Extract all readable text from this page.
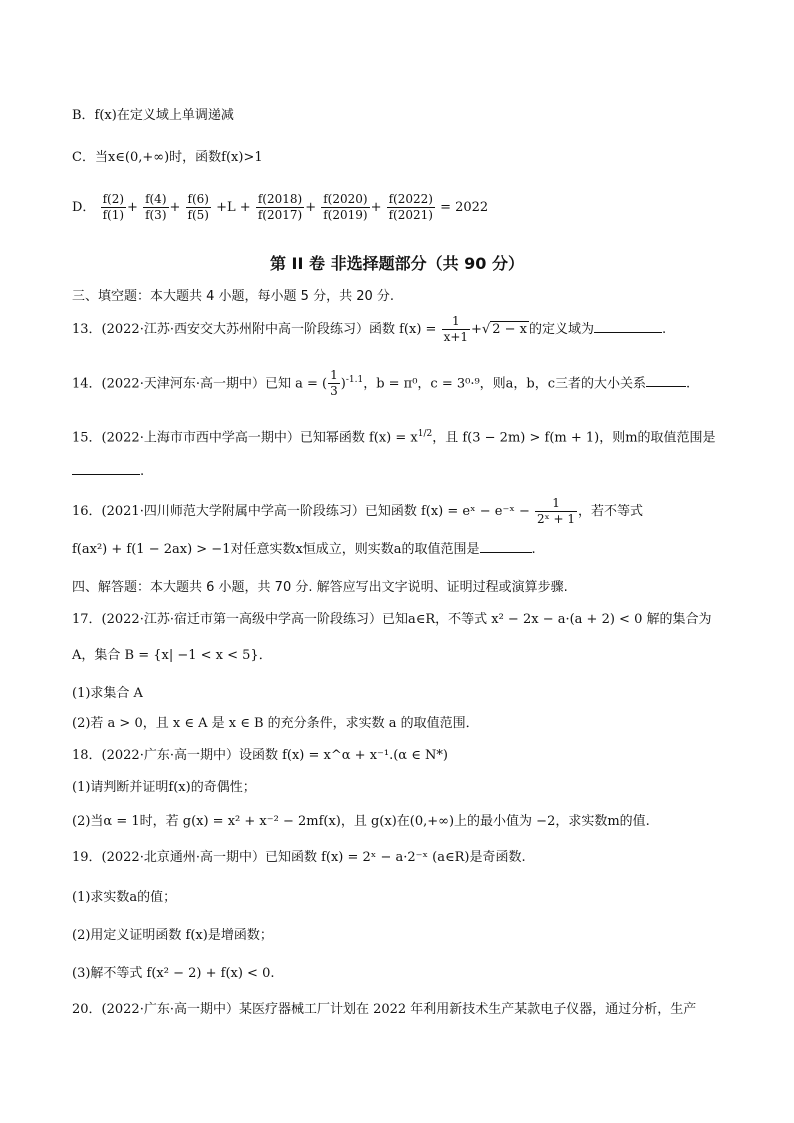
B．f(x)在定义域上单调递减
C．当x∈(0,+∞)时，函数f(x)>1
D． $\frac{f(2)}{f(1)} + \frac{f(4)}{f(3)} + \frac{f(6)}{f(5)} +L + \frac{f(2018)}{f(2017)} + \frac{f(2020)}{f(2019)} + \frac{f(2022)}{f(2021)} = 2022$
第 II 卷 非选择题部分（共 90 分）
三、填空题：本大题共 4 小题，每小题 5 分，共 20 分.
13．(2022·江苏·西安交大苏州附中高一阶段练习）函数 $f(x) = \frac{1}{x+1}$ +√ 2 − x 的定义域为	.
14．(2022·天津河东·高一期中）已知 a = ( $\frac{1}{3} )^{-1.1}$，b = π⁰，c = 3⁰·⁹，则a，b，c三者的大小关系	.
15．(2022·上海市市西中学高一期中）已知幂函数 $f(x) = x^{1/2}$，且 f(3 − 2m) > f(m + 1)，则m的取值范围是
.
16．(2021·四川师范大学附属中学高一阶段练习）已知函数 f(x) = eˣ − e⁻ˣ − $\frac{1}{\text{2ˣ + 1}}$ ，若不等式
f(ax²) + f(1 − 2ax) > −1对任意实数x恒成立，则实数a的取值范围是	.
四、解答题：本大题共 6 小题，共 70 分. 解答应写出文字说明、证明过程或演算步骤.
17．(2022·江苏·宿迁市第一高级中学高一阶段练习）已知a∈R，不等式 x² − 2x − a·(a + 2) < 0 解的集合为
A，集合 B = {x| −1 < x < 5}．
(1)求集合 A
(2)若 a > 0，且 x ∈ A 是 x ∈ B 的充分条件，求实数 a 的取值范围．
18．(2022·广东·高一期中）设函数 f(x) = x^α + x⁻¹.(α ∈ N*)
(1)请判断并证明f(x)的奇偶性；
(2)当α = 1时，若 g(x) = x² + x⁻² − 2mf(x)，且 g(x)在(0,+∞)上的最小值为 −2，求实数m的值.
19．(2022·北京通州·高一期中）已知函数 f(x) = 2ˣ − a·2⁻ˣ (a∈R)是奇函数.
(1)求实数a的值；
(2)用定义证明函数 f(x)是增函数；
(3)解不等式 f(x² − 2) + f(x) < 0.
20．(2022·广东·高一期中）某医疗器械工厂计划在 2022 年利用新技术生产某款电子仪器，通过分析，生产
